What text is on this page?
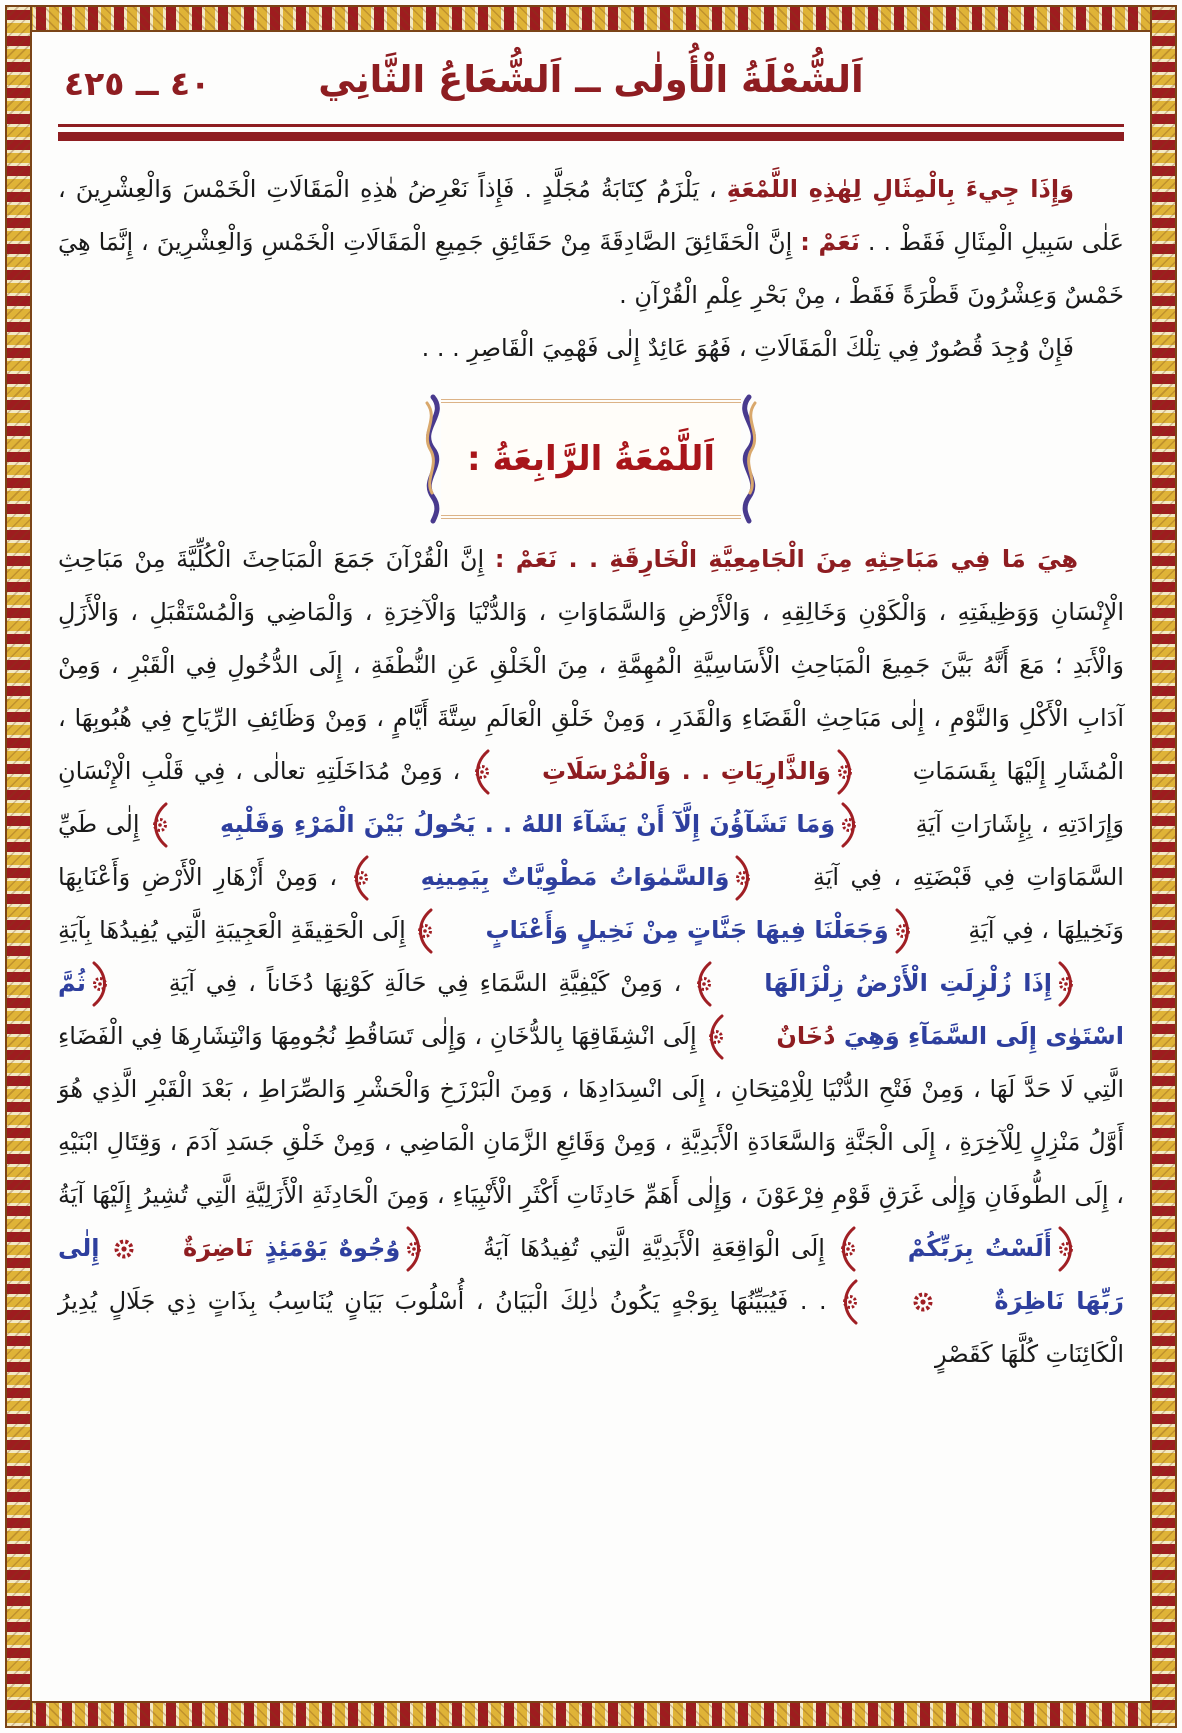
اَلشُّعْلَةُ الْأُولٰى ــ اَلشُّعَاعُ الثَّانِي
٤٠ ــ ٤٢٥

وَإِذَا جِيءَ بِالْمِثَالِ لِهٰذِهِ اللَّمْعَةِ ، يَلْزَمُ كِتَابَةُ مُجَلَّدٍ . فَإِذاً نَعْرِضُ هٰذِهِ الْمَقَالَاتِ الْخَمْسَ وَالْعِشْرِينَ ، عَلٰى سَبِيلِ الْمِثَالِ فَقَطْ . . نَعَمْ : إِنَّ الْحَقَائِقَ الصَّادِقَةَ مِنْ حَقَائِقِ جَمِيعِ الْمَقَالَاتِ الْخَمْسِ وَالْعِشْرِينَ ، إِنَّمَا هِيَ خَمْسٌ وَعِشْرُونَ قَطْرَةً فَقَطْ ، مِنْ بَحْرِ عِلْمِ الْقُرْآنِ .

فَإِنْ وُجِدَ قُصُورٌ فِي تِلْكَ الْمَقَالَاتِ ، فَهُوَ عَائِدٌ إِلٰى فَهْمِيَ الْقَاصِرِ . . .

اَللَّمْعَةُ الرَّابِعَةُ :

هِيَ مَا فِي مَبَاحِثِهِ مِنَ الْجَامِعِيَّةِ الْخَارِقَةِ . . نَعَمْ : إِنَّ الْقُرْآنَ جَمَعَ الْمَبَاحِثَ الْكُلِّيَّةَ مِنْ مَبَاحِثِ الْإِنْسَانِ وَوَظِيفَتِهِ ، وَالْكَوْنِ وَخَالِقِهِ ، وَالْأَرْضِ وَالسَّمَاوَاتِ ، وَالدُّنْيَا وَالْآخِرَةِ ، وَالْمَاضِي وَالْمُسْتَقْبَلِ ، وَالْأَزَلِ وَالْأَبَدِ ؛ مَعَ أَنَّهُ بَيَّنَ جَمِيعَ الْمَبَاحِثِ الْأَسَاسِيَّةِ الْمُهِمَّةِ ، مِنَ الْخَلْقِ عَنِ النُّطْفَةِ ، إِلَى الدُّخُولِ فِي الْقَبْرِ ، وَمِنْ آدَابِ الْأَكْلِ وَالنَّوْمِ ، إِلٰى مَبَاحِثِ الْقَضَاءِ وَالْقَدَرِ ، وَمِنْ خَلْقِ الْعَالَمِ سِتَّةَ أَيَّامٍ ، وَمِنْ وَظَائِفِ الرِّيَاحِ فِي هُبُوبِهَا ، الْمُشَارِ إِلَيْهَا بِقَسَمَاتِ وَالذَّارِيَاتِ . . وَالْمُرْسَلَاتِ ، وَمِنْ مُدَاخَلَتِهِ تعالٰى ، فِي قَلْبِ الْإِنْسَانِ وَإِرَادَتِهِ ، بِإِشَارَاتِ آيَةِ وَمَا تَشَآؤُنَ إِلَّآ أَنْ يَشَآءَ اللهُ . . يَحُولُ بَيْنَ الْمَرْءِ وَقَلْبِهِ إِلٰى طَيِّ السَّمَاوَاتِ فِي قَبْضَتِهِ ، فِي آيَةِ وَالسَّمٰوَاتُ مَطْوِيَّاتٌ بِيَمِينِهِ ، وَمِنْ أَزْهَارِ الْأَرْضِ وَأَعْنَابِهَا وَنَخِيلِهَا ، فِي آيَةِ وَجَعَلْنَا فِيهَا جَنَّاتٍ مِنْ نَخِيلٍ وَأَعْنَابٍ إِلَى الْحَقِيقَةِ الْعَجِيبَةِ الَّتِي يُفِيدُهَا بِآيَةِ إِذَا زُلْزِلَتِ الْأَرْضُ زِلْزَالَهَا ، وَمِنْ كَيْفِيَّةِ السَّمَاءِ فِي حَالَةِ كَوْنِهَا دُخَاناً ، فِي آيَةِ ثُمَّ اسْتَوٰى إِلَى السَّمَآءِ وَهِيَ دُخَانٌ إِلَى انْشِقَاقِهَا بِالدُّخَانِ ، وَإِلٰى تَسَاقُطِ نُجُومِهَا وَانْتِشَارِهَا فِي الْفَضَاءِ الَّتِي لَا حَدَّ لَهَا ، وَمِنْ فَتْحِ الدُّنْيَا لِلْاِمْتِحَانِ ، إِلَى انْسِدَادِهَا ، وَمِنَ الْبَرْزَخِ وَالْحَشْرِ وَالصِّرَاطِ ، بَعْدَ الْقَبْرِ الَّذِي هُوَ أَوَّلُ مَنْزِلٍ لِلْآخِرَةِ ، إِلَى الْجَنَّةِ وَالسَّعَادَةِ الْأَبَدِيَّةِ ، وَمِنْ وَقَائِعِ الزَّمَانِ الْمَاضِي ، وَمِنْ خَلْقِ جَسَدِ آدَمَ ، وَقِتَالِ ابْنَيْهِ ، إِلَى الطُّوفَانِ وَإِلٰى غَرَقِ قَوْمِ فِرْعَوْنَ ، وَإِلٰى أَهَمِّ حَادِثَاتِ أَكْثَرِ الْأَنْبِيَاءِ ، وَمِنَ الْحَادِثَةِ الْأَزَلِيَّةِ الَّتِي تُشِيرُ إِلَيْهَا آيَةُ أَلَسْتُ بِرَبِّكُمْ إِلَى الْوَاقِعَةِ الْأَبَدِيَّةِ الَّتِي تُفِيدُهَا آيَةُ وُجُوهٌ يَوْمَئِذٍ نَاضِرَةٌ إِلٰى رَبِّهَا نَاظِرَةٌ  . . فَيُبَيِّنُهَا بِوَجْهٍ يَكُونُ ذٰلِكَ الْبَيَانُ ، أُسْلُوبَ بَيَانٍ يُنَاسِبُ بِذَاتٍ ذِي جَلَالٍ يُدِيرُ الْكَائِنَاتِ كُلَّهَا كَقَصْرٍ
